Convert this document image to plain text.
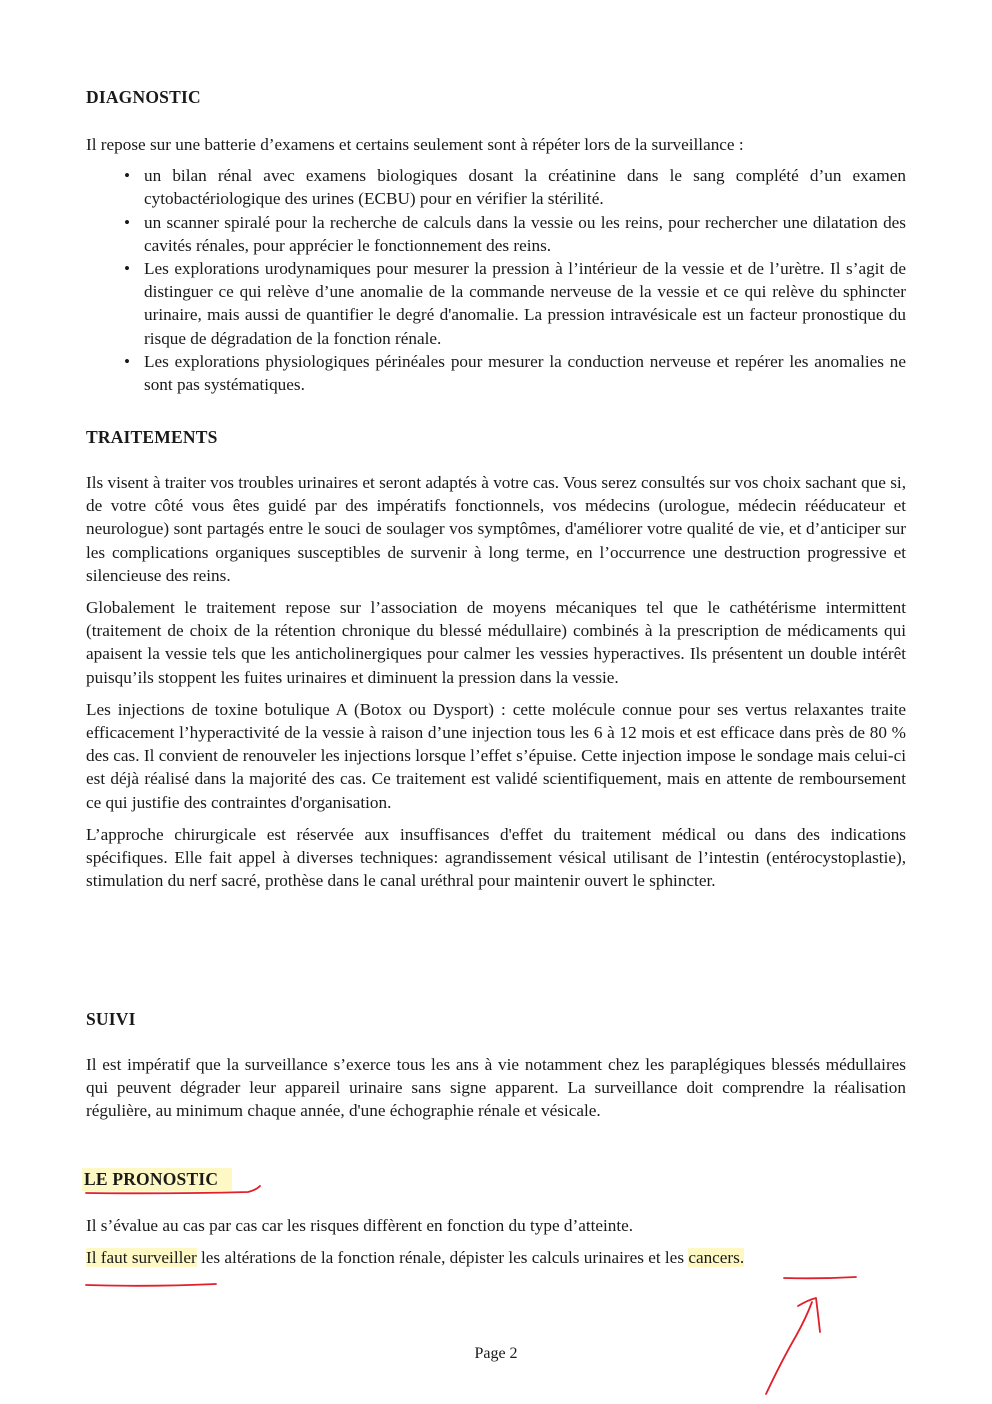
DIAGNOSTIC

Il repose sur une batterie d’examens et certains seulement sont à répéter lors de la surveillance :

• un bilan rénal avec examens biologiques dosant la créatinine dans le sang complété d’un examen cytobactériologique des urines (ECBU) pour en vérifier la stérilité.
• un scanner spiralé pour la recherche de calculs dans la vessie ou les reins, pour rechercher une dilatation des cavités rénales, pour apprécier le fonctionnement des reins.
• Les explorations urodynamiques pour mesurer la pression à l’intérieur de la vessie et de l’urètre. Il s’agit de distinguer ce qui relève d’une anomalie de la commande nerveuse de la vessie et ce qui relève du sphincter urinaire, mais aussi de quantifier le degré d'anomalie. La pression intravésicale est un facteur pronostique du risque de dégradation de la fonction rénale.
• Les explorations physiologiques périnéales pour mesurer la conduction nerveuse et repérer les anomalies ne sont pas systématiques.
TRAITEMENTS

Ils visent à traiter vos troubles urinaires et seront adaptés à votre cas. Vous serez consultés sur vos choix sachant que si, de votre côté vous êtes guidé par des impératifs fonctionnels, vos médecins (urologue, médecin rééducateur et neurologue) sont partagés entre le souci de soulager vos symptômes, d'améliorer votre qualité de vie, et d’anticiper sur les complications organiques susceptibles de survenir à long terme, en l’occurrence une destruction progressive et silencieuse des reins.

Globalement le traitement repose sur l’association de moyens mécaniques tel que le cathétérisme intermittent (traitement de choix de la rétention chronique du blessé médullaire) combinés à la prescription de médicaments qui apaisent la vessie tels que les anticholinergiques pour calmer les vessies hyperactives. Ils présentent un double intérêt puisqu’ils stoppent les fuites urinaires et diminuent la pression dans la vessie.

Les injections de toxine botulique A (Botox ou Dysport) : cette molécule connue pour ses vertus relaxantes traite efficacement l’hyperactivité de la vessie à raison d’une injection tous les 6 à 12 mois et est efficace dans près de 80 % des cas. Il convient de renouveler les injections lorsque l’effet s’épuise. Cette injection impose le sondage mais celui-ci est déjà réalisé dans la majorité des cas. Ce traitement est validé scientifiquement, mais en attente de remboursement ce qui justifie des contraintes d'organisation.

L’approche chirurgicale est réservée aux insuffisances d'effet du traitement médical ou dans des indications spécifiques. Elle fait appel à diverses techniques: agrandissement vésical utilisant de l’intestin (entérocystoplastie), stimulation du nerf sacré, prothèse dans le canal uréthral pour maintenir ouvert le sphincter.

SUIVI

Il est impératif que la surveillance s’exerce tous les ans à vie notamment chez les paraplégiques blessés médullaires qui peuvent dégrader leur appareil urinaire sans signe apparent. La surveillance doit comprendre la réalisation régulière, au minimum chaque année, d'une échographie rénale et vésicale.

LE PRONOSTIC

Il s’évalue au cas par cas car les risques diffèrent en fonction du type d’atteinte.

Il faut surveiller les altérations de la fonction rénale, dépister les calculs urinaires et les cancers.

Page 2
